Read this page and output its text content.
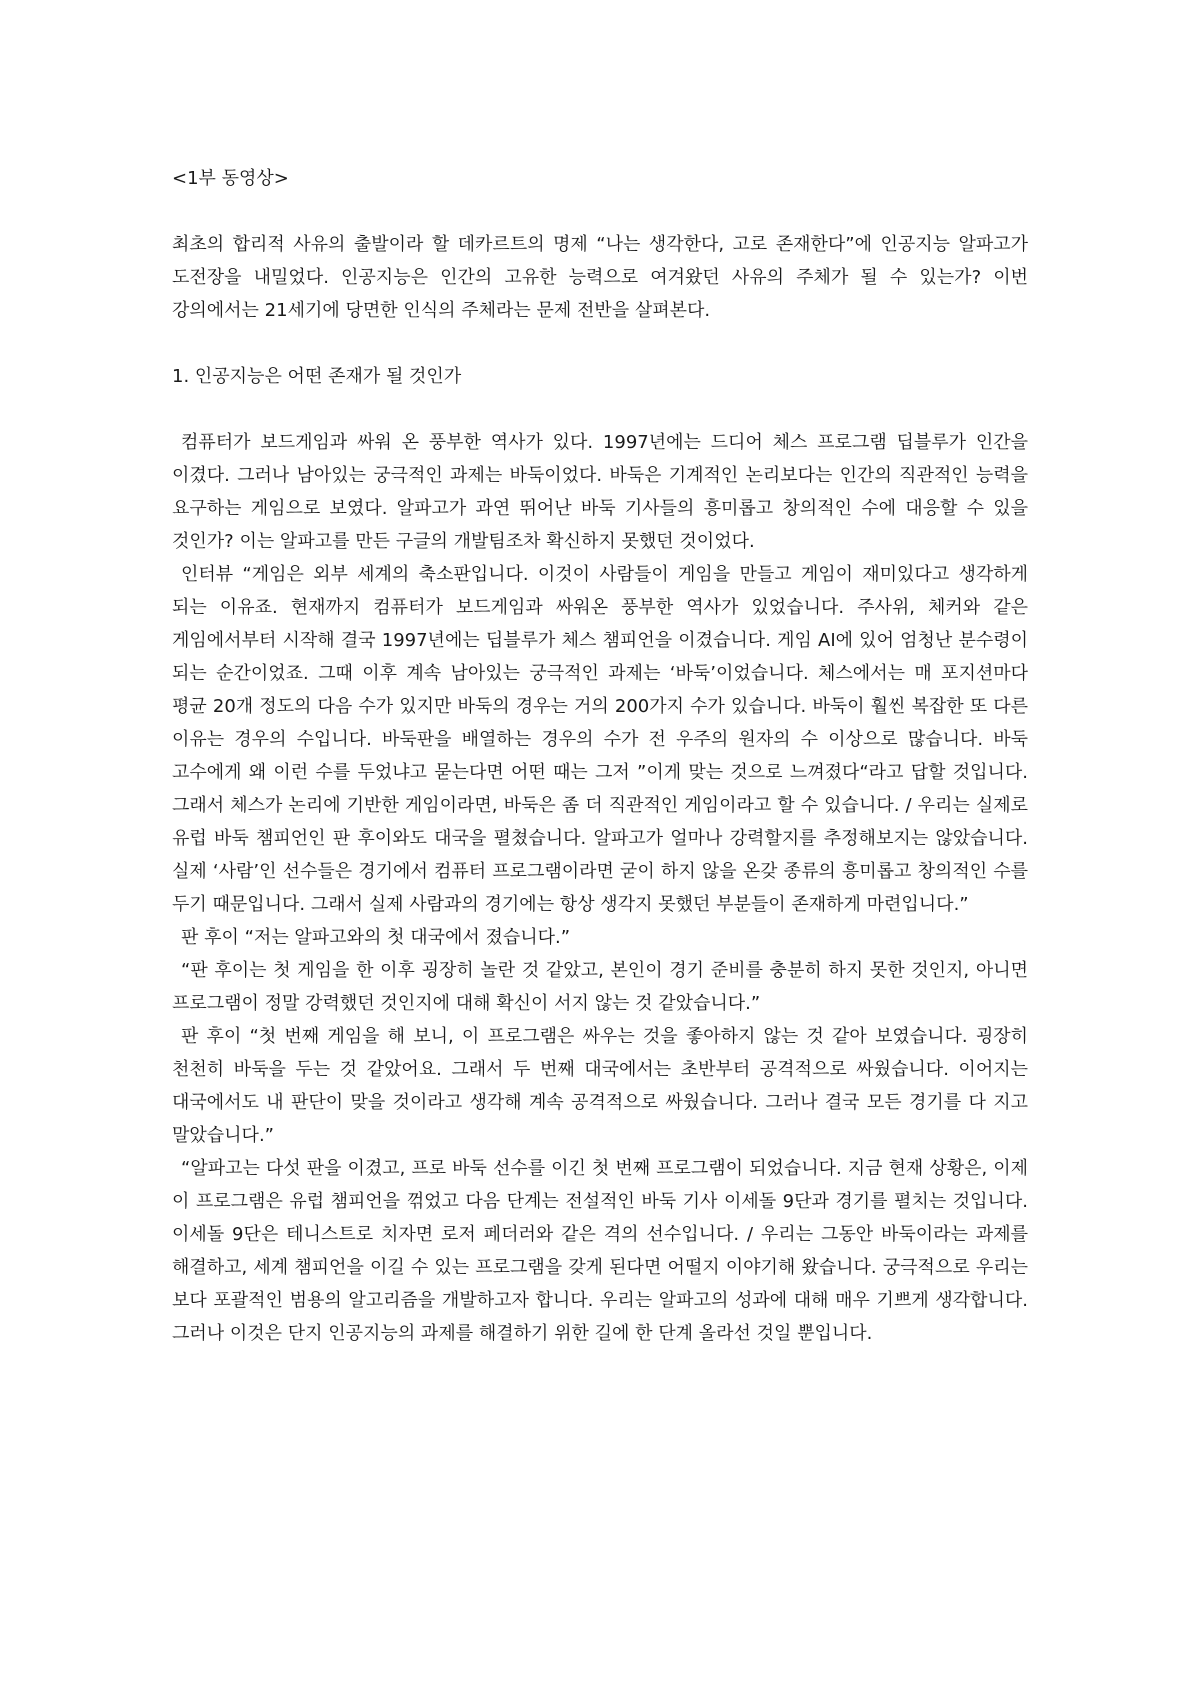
<1부 동영상>

최초의 합리적 사유의 출발이라 할 데카르트의 명제 “나는 생각한다, 고로 존재한다”에 인공지능 알파고가 도전장을 내밀었다. 인공지능은 인간의 고유한 능력으로 여겨왔던 사유의 주체가 될 수 있는가? 이번 강의에서는 21세기에 당면한 인식의 주체라는 문제 전반을 살펴본다.

1. 인공지능은 어떤 존재가 될 것인가

컴퓨터가 보드게임과 싸워 온 풍부한 역사가 있다. 1997년에는 드디어 체스 프로그램 딥블루가 인간을 이겼다. 그러나 남아있는 궁극적인 과제는 바둑이었다. 바둑은 기계적인 논리보다는 인간의 직관적인 능력을 요구하는 게임으로 보였다. 알파고가 과연 뛰어난 바둑 기사들의 흥미롭고 창의적인 수에 대응할 수 있을 것인가? 이는 알파고를 만든 구글의 개발팀조차 확신하지 못했던 것이었다.

인터뷰 “게임은 외부 세계의 축소판입니다. 이것이 사람들이 게임을 만들고 게임이 재미있다고 생각하게 되는 이유죠. 현재까지 컴퓨터가 보드게임과 싸워온 풍부한 역사가 있었습니다. 주사위, 체커와 같은 게임에서부터 시작해 결국 1997년에는 딥블루가 체스 챔피언을 이겼습니다. 게임 AI에 있어 엄청난 분수령이 되는 순간이었죠. 그때 이후 계속 남아있는 궁극적인 과제는 ‘바둑’이었습니다. 체스에서는 매 포지션마다 평균 20개 정도의 다음 수가 있지만 바둑의 경우는 거의 200가지 수가 있습니다. 바둑이 훨씬 복잡한 또 다른 이유는 경우의 수입니다. 바둑판을 배열하는 경우의 수가 전 우주의 원자의 수 이상으로 많습니다. 바둑 고수에게 왜 이런 수를 두었냐고 묻는다면 어떤 때는 그저 ”이게 맞는 것으로 느껴졌다“라고 답할 것입니다. 그래서 체스가 논리에 기반한 게임이라면, 바둑은 좀 더 직관적인 게임이라고 할 수 있습니다. / 우리는 실제로 유럽 바둑 챔피언인 판 후이와도 대국을 펼쳤습니다. 알파고가 얼마나 강력할지를 추정해보지는 않았습니다. 실제 ‘사람’인 선수들은 경기에서 컴퓨터 프로그램이라면 굳이 하지 않을 온갖 종류의 흥미롭고 창의적인 수를 두기 때문입니다. 그래서 실제 사람과의 경기에는 항상 생각지 못했던 부분들이 존재하게 마련입니다.”

판 후이 “저는 알파고와의 첫 대국에서 졌습니다.”

“판 후이는 첫 게임을 한 이후 굉장히 놀란 것 같았고, 본인이 경기 준비를 충분히 하지 못한 것인지, 아니면 프로그램이 정말 강력했던 것인지에 대해 확신이 서지 않는 것 같았습니다.”

판 후이 “첫 번째 게임을 해 보니, 이 프로그램은 싸우는 것을 좋아하지 않는 것 같아 보였습니다. 굉장히 천천히 바둑을 두는 것 같았어요. 그래서 두 번째 대국에서는 초반부터 공격적으로 싸웠습니다. 이어지는 대국에서도 내 판단이 맞을 것이라고 생각해 계속 공격적으로 싸웠습니다. 그러나 결국 모든 경기를 다 지고 말았습니다.”

“알파고는 다섯 판을 이겼고, 프로 바둑 선수를 이긴 첫 번째 프로그램이 되었습니다. 지금 현재 상황은, 이제 이 프로그램은 유럽 챔피언을 꺾었고 다음 단계는 전설적인 바둑 기사 이세돌 9단과 경기를 펼치는 것입니다. 이세돌 9단은 테니스트로 치자면 로저 페더러와 같은 격의 선수입니다. / 우리는 그동안 바둑이라는 과제를 해결하고, 세계 챔피언을 이길 수 있는 프로그램을 갖게 된다면 어떨지 이야기해 왔습니다. 궁극적으로 우리는 보다 포괄적인 범용의 알고리즘을 개발하고자 합니다. 우리는 알파고의 성과에 대해 매우 기쁘게 생각합니다. 그러나 이것은 단지 인공지능의 과제를 해결하기 위한 길에 한 단계 올라선 것일 뿐입니다.
